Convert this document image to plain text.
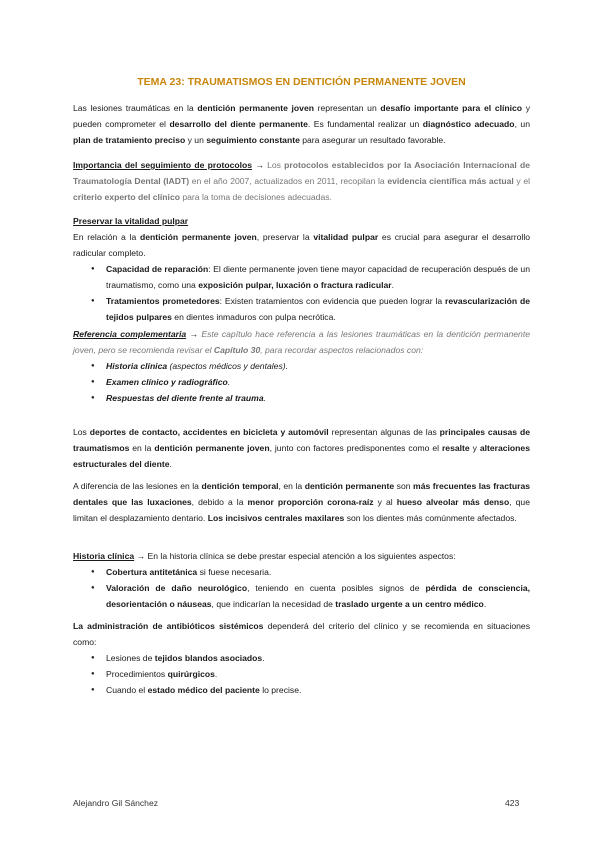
TEMA 23: TRAUMATISMOS EN DENTICIÓN PERMANENTE JOVEN
Las lesiones traumáticas en la dentición permanente joven representan un desafío importante para el clínico y pueden comprometer el desarrollo del diente permanente. Es fundamental realizar un diagnóstico adecuado, un plan de tratamiento preciso y un seguimiento constante para asegurar un resultado favorable.
Importancia del seguimiento de protocolos → Los protocolos establecidos por la Asociación Internacional de Traumatología Dental (IADT) en el año 2007, actualizados en 2011, recopilan la evidencia científica más actual y el criterio experto del clínico para la toma de decisiones adecuadas.
Preservar la vitalidad pulpar
En relación a la dentición permanente joven, preservar la vitalidad pulpar es crucial para asegurar el desarrollo radicular completo.
● Capacidad de reparación: El diente permanente joven tiene mayor capacidad de recuperación después de un traumatismo, como una exposición pulpar, luxación o fractura radicular.
● Tratamientos prometedores: Existen tratamientos con evidencia que pueden lograr la revascularización de tejidos pulpares en dientes inmaduros con pulpa necrótica.
Referencia complementaria → Este capítulo hace referencia a las lesiones traumáticas en la dentición permanente joven, pero se recomienda revisar el Capítulo 30, para recordar aspectos relacionados con:
● Historia clínica (aspectos médicos y dentales).
● Examen clínico y radiográfico.
● Respuestas del diente frente al trauma.
Los deportes de contacto, accidentes en bicicleta y automóvil representan algunas de las principales causas de traumatismos en la dentición permanente joven, junto con factores predisponentes como el resalte y alteraciones estructurales del diente.
A diferencia de las lesiones en la dentición temporal, en la dentición permanente son más frecuentes las fracturas dentales que las luxaciones, debido a la menor proporción corona-raíz y al hueso alveolar más denso, que limitan el desplazamiento dentario. Los incisivos centrales maxilares son los dientes más comúnmente afectados.
Historia clínica → En la historia clínica se debe prestar especial atención a los siguientes aspectos:
● Cobertura antitetánica si fuese necesaria.
● Valoración de daño neurológico, teniendo en cuenta posibles signos de pérdida de consciencia, desorientación o náuseas, que indicarían la necesidad de traslado urgente a un centro médico.
La administración de antibióticos sistémicos dependerá del criterio del clínico y se recomienda en situaciones como:
● Lesiones de tejidos blandos asociados.
● Procedimientos quirúrgicos.
● Cuando el estado médico del paciente lo precise.
Alejandro Gil Sánchez	423
